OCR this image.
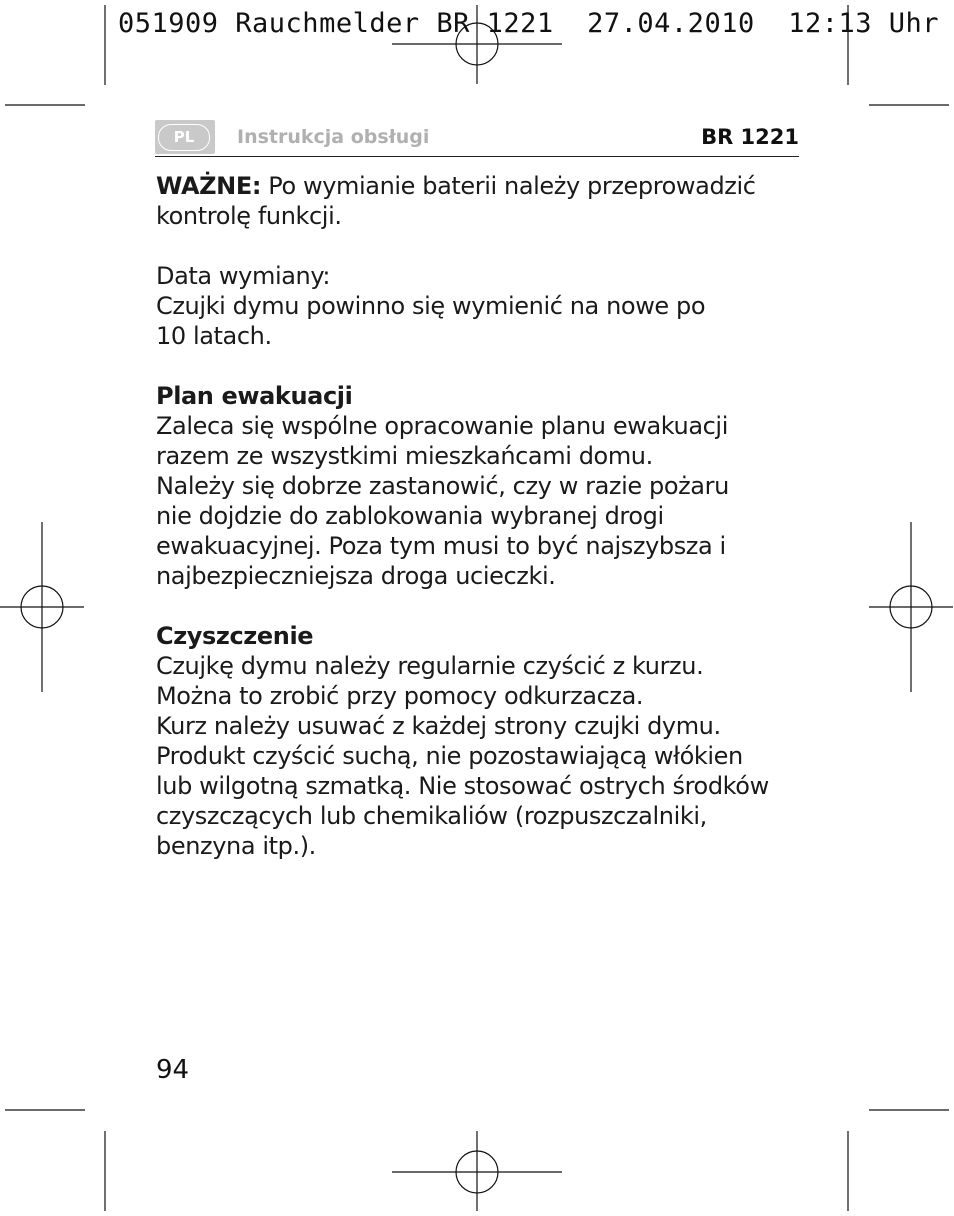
051909 Rauchmelder BR 1221  27.04.2010  12:13 Uhr
PL	Instrukcja obsługi	BR 1221

WAŻNE: Po wymianie baterii należy przeprowadzić kontrolę funkcji.

Data wymiany:

Czujki dymu powinno się wymienić na nowe po

10 latach.

Plan ewakuacji

Zaleca się wspólne opracowanie planu ewakuacji

razem ze wszystkimi mieszkańcami domu.

Należy się dobrze zastanowić, czy w razie pożaru

nie dojdzie do zablokowania wybranej drogi

ewakuacyjnej. Poza tym musi to być najszybsza i

najbezpieczniejsza droga ucieczki.

Czyszczenie

Czujkę dymu należy regularnie czyścić z kurzu.

Można to zrobić przy pomocy odkurzacza.

Kurz należy usuwać z każdej strony czujki dymu.

Produkt czyścić suchą, nie pozostawiającą włókien

lub wilgotną szmatką. Nie stosować ostrych środków

czyszczących lub chemikaliów (rozpuszczalniki,

benzyna itp.).

94
